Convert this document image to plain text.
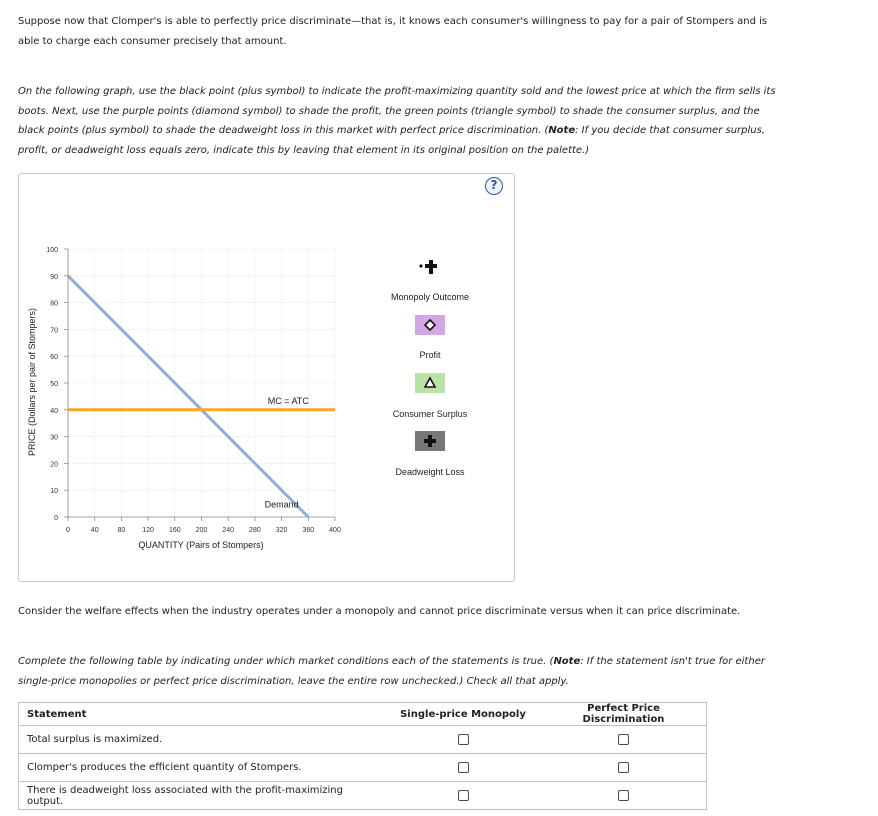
Suppose now that Clomper's is able to perfectly price discriminate—that is, it knows each consumer's willingness to pay for a pair of Stompers and is
able to charge each consumer precisely that amount.
On the following graph, use the black point (plus symbol) to indicate the profit-maximizing quantity sold and the lowest price at which the firm sells its
boots. Next, use the purple points (diamond symbol) to shade the profit, the green points (triangle symbol) to shade the consumer surplus, and the
black points (plus symbol) to shade the deadweight loss in this market with perfect price discrimination. (Note: If you decide that consumer surplus,
profit, or deadweight loss equals zero, indicate this by leaving that element in its original position on the palette.)
?
PRICE (Dollars per pair of Stompers)
QUANTITY (Pairs of Stompers)
0
10
20
30
40
50
60
70
80
90
100
0	40	80 120 160 200 240 280 320 360 400
MC = ATC
Demand
Monopoly Outcome
Profit
Consumer Surplus
Deadweight Loss
Consider the welfare effects when the industry operates under a monopoly and cannot price discriminate versus when it can price discriminate.
Complete the following table by indicating under which market conditions each of the statements is true. (Note: If the statement isn't true for either
single-price monopolies or perfect price discrimination, leave the entire row unchecked.) Check all that apply.
Statement	Single-price Monopoly	Perfect Price Discrimination
Total surplus is maximized.		
Clomper's produces the efficient quantity of Stompers.		
There is deadweight loss associated with the profit-maximizing output.		
